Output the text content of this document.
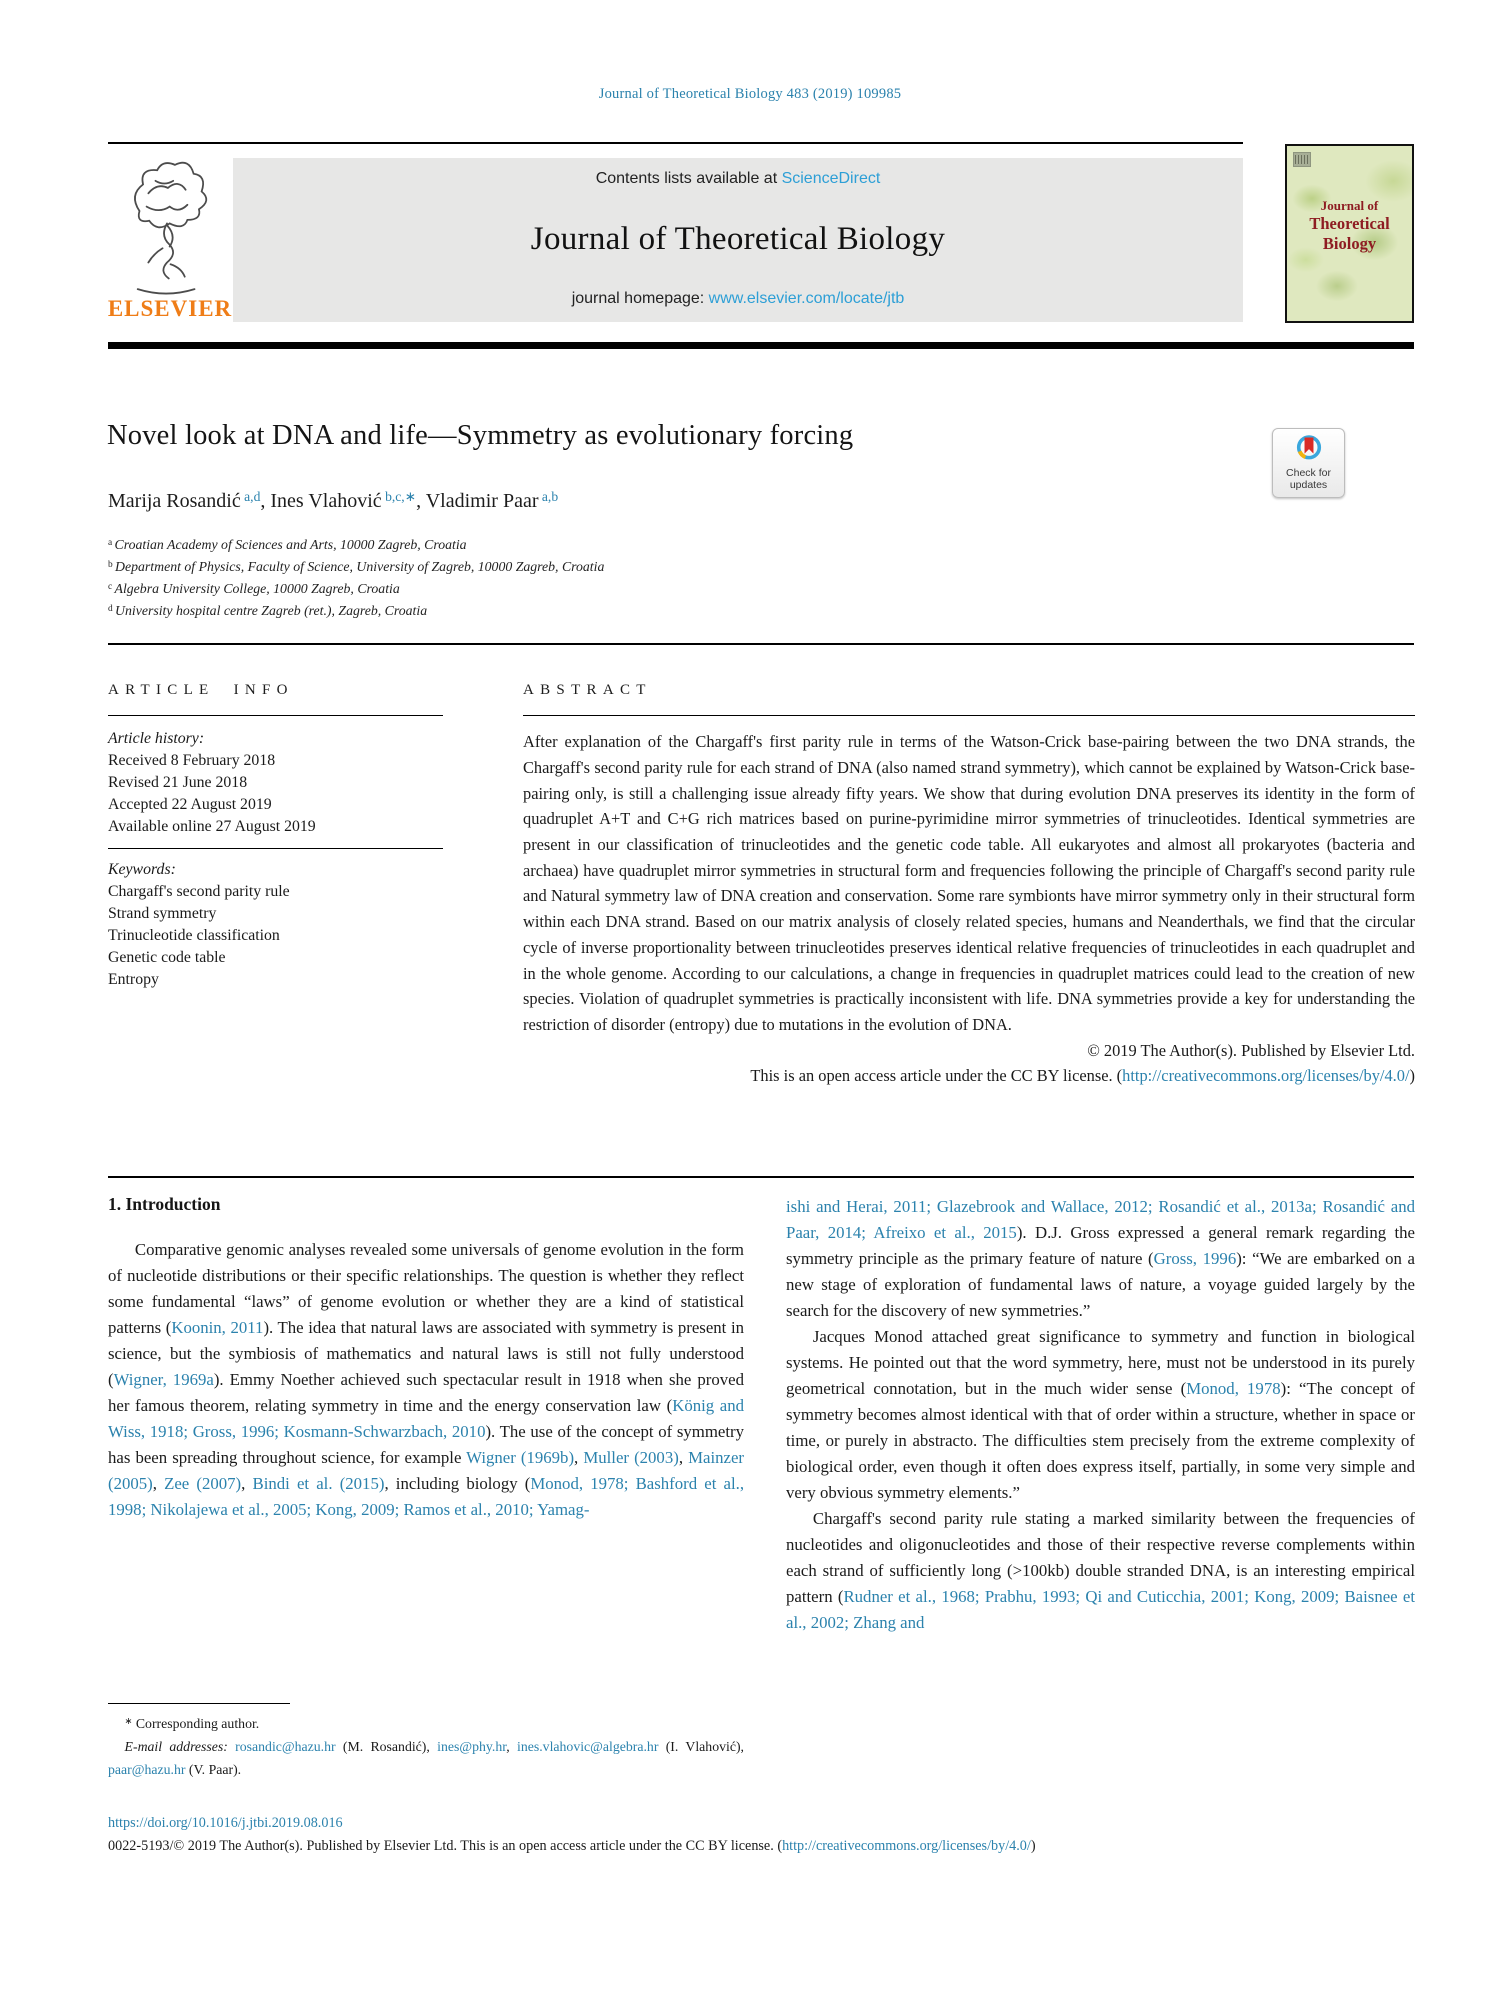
Journal of Theoretical Biology 483 (2019) 109985
ELSEVIER
Contents lists available at ScienceDirect
Journal of Theoretical Biology
journal homepage: www.elsevier.com/locate/jtb
Journal of
Theoretical
Biology
Novel look at DNA and life—Symmetry as evolutionary forcing
Check for
updates
Marija Rosandić $^{a,d}$, Ines Vlahović $^{b,c,∗}$, Vladimir Paar $^{a,b}$
$^a$ Croatian Academy of Sciences and Arts, 10000 Zagreb, Croatia
$^b$ Department of Physics, Faculty of Science, University of Zagreb, 10000 Zagreb, Croatia
$^c$ Algebra University College, 10000 Zagreb, Croatia
$^d$ University hospital centre Zagreb (ret.), Zagreb, Croatia
ARTICLE INFO
Article history:
Received 8 February 2018
Revised 21 June 2018
Accepted 22 August 2019
Available online 27 August 2019
Keywords:
Chargaff's second parity rule
Strand symmetry
Trinucleotide classification
Genetic code table
Entropy
ABSTRACT

After explanation of the Chargaff's first parity rule in terms of the Watson-Crick base-pairing between the two DNA strands, the Chargaff's second parity rule for each strand of DNA (also named strand symmetry), which cannot be explained by Watson-Crick base-pairing only, is still a challenging issue already fifty years. We show that during evolution DNA preserves its identity in the form of quadruplet A+T and C+G rich matrices based on purine-pyrimidine mirror symmetries of trinucleotides. Identical symmetries are present in our classification of trinucleotides and the genetic code table. All eukaryotes and almost all prokaryotes (bacteria and archaea) have quadruplet mirror symmetries in structural form and frequencies following the principle of Chargaff's second parity rule and Natural symmetry law of DNA creation and conservation. Some rare symbionts have mirror symmetry only in their structural form within each DNA strand. Based on our matrix analysis of closely related species, humans and Neanderthals, we find that the circular cycle of inverse proportionality between trinucleotides preserves identical relative frequencies of trinucleotides in each quadruplet and in the whole genome. According to our calculations, a change in frequencies in quadruplet matrices could lead to the creation of new species. Violation of quadruplet symmetries is practically inconsistent with life. DNA symmetries provide a key for understanding the restriction of disorder (entropy) due to mutations in the evolution of DNA.

© 2019 The Author(s). Published by Elsevier Ltd.
This is an open access article under the CC BY license. (http://creativecommons.org/licenses/by/4.0/)
1. Introduction

Comparative genomic analyses revealed some universals of genome evolution in the form of nucleotide distributions or their specific relationships. The question is whether they reflect some fundamental “laws” of genome evolution or whether they are a kind of statistical patterns (Koonin, 2011). The idea that natural laws are associated with symmetry is present in science, but the symbiosis of mathematics and natural laws is still not fully understood (Wigner, 1969a). Emmy Noether achieved such spectacular result in 1918 when she proved her famous theorem, relating symmetry in time and the energy conservation law (König and Wiss, 1918; Gross, 1996; Kosmann-Schwarzbach, 2010). The use of the concept of symmetry has been spreading throughout science, for example Wigner (1969b), Muller (2003), Mainzer (2005), Zee (2007), Bindi et al. (2015), including biology (Monod, 1978; Bashford et al., 1998; Nikolajewa et al., 2005; Kong, 2009; Ramos et al., 2010; Yamag-

ishi and Herai, 2011; Glazebrook and Wallace, 2012; Rosandić et al., 2013a; Rosandić and Paar, 2014; Afreixo et al., 2015). D.J. Gross expressed a general remark regarding the symmetry principle as the primary feature of nature (Gross, 1996): “We are embarked on a new stage of exploration of fundamental laws of nature, a voyage guided largely by the search for the discovery of new symmetries.”

Jacques Monod attached great significance to symmetry and function in biological systems. He pointed out that the word symmetry, here, must not be understood in its purely geometrical connotation, but in the much wider sense (Monod, 1978): “The concept of symmetry becomes almost identical with that of order within a structure, whether in space or time, or purely in abstracto. The difficulties stem precisely from the extreme complexity of biological order, even though it often does express itself, partially, in some very simple and very obvious symmetry elements.”

Chargaff's second parity rule stating a marked similarity between the frequencies of nucleotides and oligonucleotides and those of their respective reverse complements within each strand of sufficiently long (>100kb) double stranded DNA, is an interesting empirical pattern (Rudner et al., 1968; Prabhu, 1993; Qi and Cuticchia, 2001; Kong, 2009; Baisnee et al., 2002; Zhang and

∗ Corresponding author.
E-mail addresses: rosandic@hazu.hr (M. Rosandić), ines@phy.hr, ines.vlahovic@algebra.hr (I. Vlahović), paar@hazu.hr (V. Paar).
https://doi.org/10.1016/j.jtbi.2019.08.016
0022-5193/© 2019 The Author(s). Published by Elsevier Ltd. This is an open access article under the CC BY license. (http://creativecommons.org/licenses/by/4.0/)
